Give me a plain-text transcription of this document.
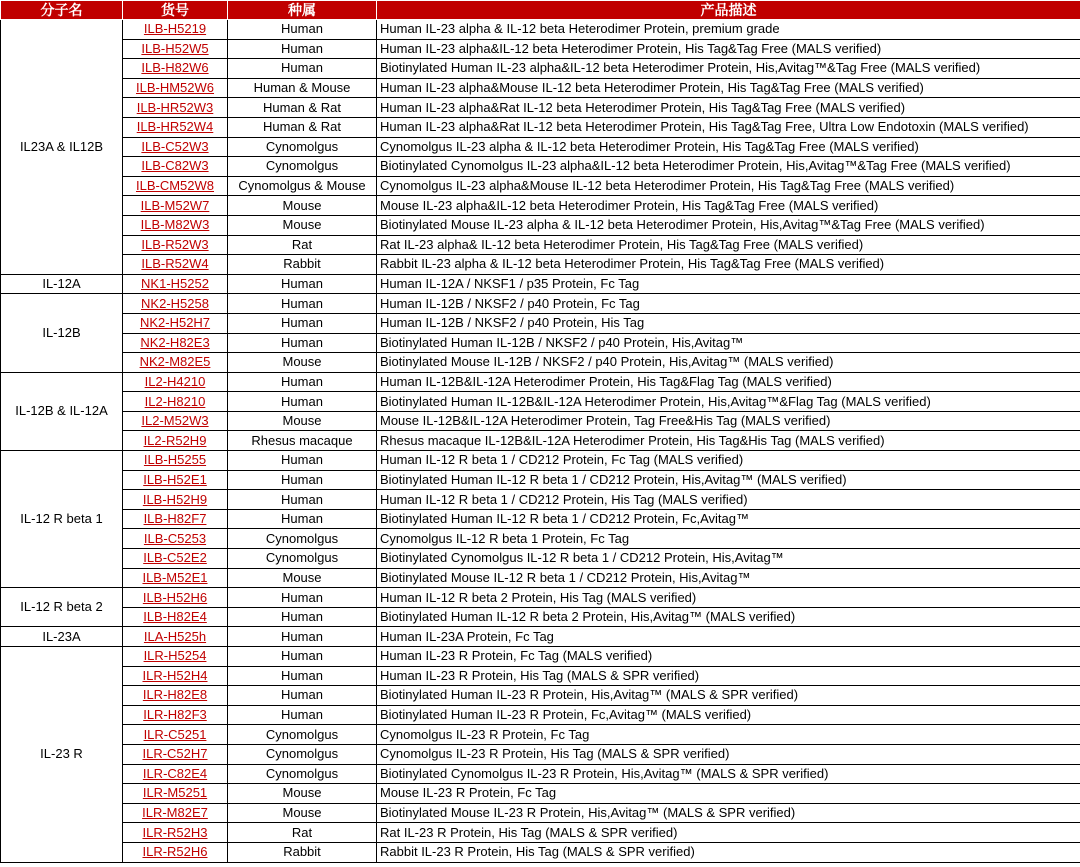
分子名	货号	种属	产品描述
IL23A & IL12B	ILB-H5219	Human	Human IL-23 alpha & IL-12 beta Heterodimer Protein, premium grade
	ILB-H52W5	Human	Human IL-23 alpha&IL-12 beta Heterodimer Protein, His Tag&Tag Free (MALS verified)
	ILB-H82W6	Human	Biotinylated Human IL-23 alpha&IL-12 beta Heterodimer Protein, His,Avitag™&Tag Free (MALS verified)
	ILB-HM52W6	Human & Mouse	Human IL-23 alpha&Mouse IL-12 beta Heterodimer Protein, His Tag&Tag Free (MALS verified)
	ILB-HR52W3	Human & Rat	Human IL-23 alpha&Rat IL-12 beta Heterodimer Protein, His Tag&Tag Free (MALS verified)
	ILB-HR52W4	Human & Rat	Human IL-23 alpha&Rat IL-12 beta Heterodimer Protein, His Tag&Tag Free, Ultra Low Endotoxin (MALS verified)
	ILB-C52W3	Cynomolgus	Cynomolgus IL-23 alpha & IL-12 beta Heterodimer Protein, His Tag&Tag Free (MALS verified)
	ILB-C82W3	Cynomolgus	Biotinylated Cynomolgus IL-23 alpha&IL-12 beta Heterodimer Protein, His,Avitag™&Tag Free (MALS verified)
	ILB-CM52W8	Cynomolgus & Mouse	Cynomolgus IL-23 alpha&Mouse IL-12 beta Heterodimer Protein, His Tag&Tag Free (MALS verified)
	ILB-M52W7	Mouse	Mouse IL-23 alpha&IL-12 beta Heterodimer Protein, His Tag&Tag Free (MALS verified)
	ILB-M82W3	Mouse	Biotinylated Mouse IL-23 alpha & IL-12 beta Heterodimer Protein, His,Avitag™&Tag Free (MALS verified)
	ILB-R52W3	Rat	Rat IL-23 alpha& IL-12 beta Heterodimer Protein, His Tag&Tag Free (MALS verified)
	ILB-R52W4	Rabbit	Rabbit IL-23 alpha & IL-12 beta Heterodimer Protein, His Tag&Tag Free (MALS verified)
IL-12A	NK1-H5252	Human	Human IL-12A / NKSF1 / p35 Protein, Fc Tag
IL-12B	NK2-H5258	Human	Human IL-12B / NKSF2 / p40 Protein, Fc Tag
	NK2-H52H7	Human	Human IL-12B / NKSF2 / p40 Protein, His Tag
	NK2-H82E3	Human	Biotinylated Human IL-12B / NKSF2 / p40 Protein, His,Avitag™
	NK2-M82E5	Mouse	Biotinylated Mouse IL-12B / NKSF2 / p40 Protein, His,Avitag™ (MALS verified)
IL-12B & IL-12A	IL2-H4210	Human	Human IL-12B&IL-12A Heterodimer Protein, His Tag&Flag Tag (MALS verified)
	IL2-H8210	Human	Biotinylated Human IL-12B&IL-12A Heterodimer Protein, His,Avitag™&Flag Tag (MALS verified)
	IL2-M52W3	Mouse	Mouse IL-12B&IL-12A Heterodimer Protein, Tag Free&His Tag (MALS verified)
	IL2-R52H9	Rhesus macaque	Rhesus macaque IL-12B&IL-12A Heterodimer Protein, His Tag&His Tag (MALS verified)
IL-12 R beta 1	ILB-H5255	Human	Human IL-12 R beta 1 / CD212 Protein, Fc Tag (MALS verified)
	ILB-H52E1	Human	Biotinylated Human IL-12 R beta 1 / CD212 Protein, His,Avitag™ (MALS verified)
	ILB-H52H9	Human	Human IL-12 R beta 1 / CD212 Protein, His Tag (MALS verified)
	ILB-H82F7	Human	Biotinylated Human IL-12 R beta 1 / CD212 Protein, Fc,Avitag™
	ILB-C5253	Cynomolgus	Cynomolgus IL-12 R beta 1 Protein, Fc Tag
	ILB-C52E2	Cynomolgus	Biotinylated Cynomolgus IL-12 R beta 1 / CD212 Protein, His,Avitag™
	ILB-M52E1	Mouse	Biotinylated Mouse IL-12 R beta 1 / CD212 Protein, His,Avitag™
IL-12 R beta 2	ILB-H52H6	Human	Human IL-12 R beta 2 Protein, His Tag (MALS verified)
	ILB-H82E4	Human	Biotinylated Human IL-12 R beta 2 Protein, His,Avitag™ (MALS verified)
IL-23A	ILA-H525h	Human	Human IL-23A Protein, Fc Tag
IL-23 R	ILR-H5254	Human	Human IL-23 R Protein, Fc Tag (MALS verified)
	ILR-H52H4	Human	Human IL-23 R Protein, His Tag (MALS & SPR verified)
	ILR-H82E8	Human	Biotinylated Human IL-23 R Protein, His,Avitag™ (MALS & SPR verified)
	ILR-H82F3	Human	Biotinylated Human IL-23 R Protein, Fc,Avitag™ (MALS verified)
	ILR-C5251	Cynomolgus	Cynomolgus IL-23 R Protein, Fc Tag
	ILR-C52H7	Cynomolgus	Cynomolgus IL-23 R Protein, His Tag (MALS & SPR verified)
	ILR-C82E4	Cynomolgus	Biotinylated Cynomolgus IL-23 R Protein, His,Avitag™ (MALS & SPR verified)
	ILR-M5251	Mouse	Mouse IL-23 R Protein, Fc Tag
	ILR-M82E7	Mouse	Biotinylated Mouse IL-23 R Protein, His,Avitag™ (MALS & SPR verified)
	ILR-R52H3	Rat	Rat IL-23 R Protein, His Tag (MALS & SPR verified)
	ILR-R52H6	Rabbit	Rabbit IL-23 R Protein, His Tag (MALS & SPR verified)
